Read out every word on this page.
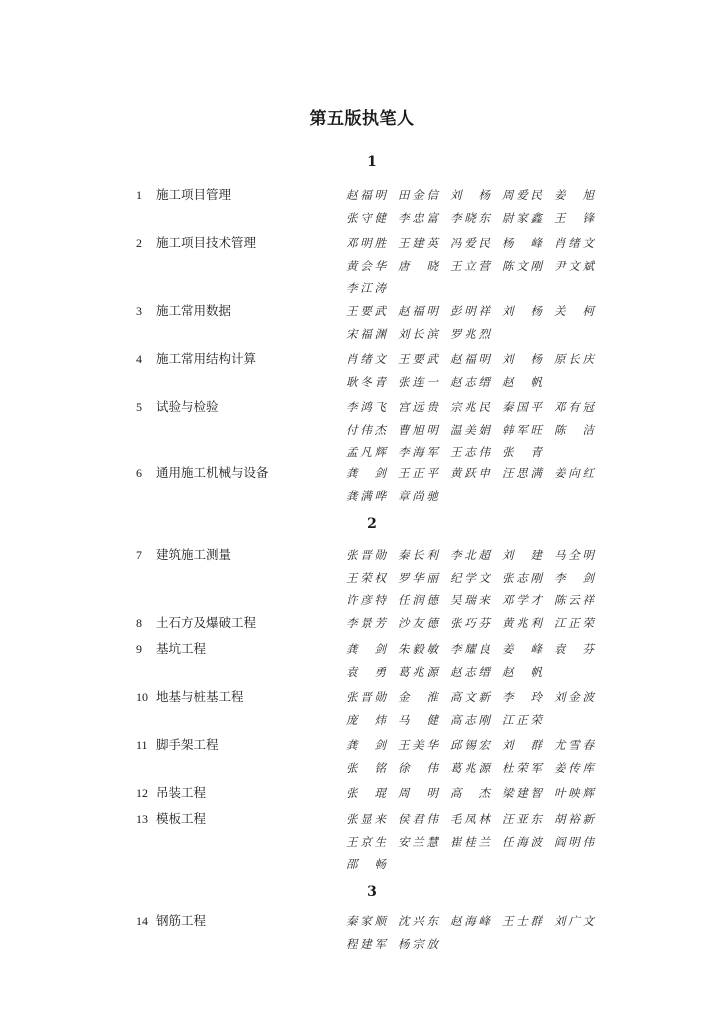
第五版执笔人
1
1 施工项目管理	赵福明 田金信 刘　杨 周爱民 姜　旭
张守健 李忠富 李晓东 尉家鑫 王　锋
2 施工项目技术管理	邓明胜 王建英 冯爱民 杨　峰 肖绪文
黄会华 唐　晓 王立营 陈文刚 尹文斌
李江涛
3 施工常用数据	王要武 赵福明 彭明祥 刘　杨 关　柯
宋福渊 刘长滨 罗兆烈
4 施工常用结构计算	肖绪文 王要武 赵福明 刘　杨 原长庆
耿冬青 张连一 赵志缙 赵　帆
5 试验与检验	李鸿飞 宫远贵 宗兆民 秦国平 邓有冠
付伟杰 曹旭明 温美娟 韩军旺 陈　洁
孟凡辉 李海军 王志伟 张　青
6 通用施工机械与设备	龚　剑 王正平 黄跃申 汪思满 姜向红
龚满哗 章尚驰
2
7 建筑施工测量	张晋勋 秦长利 李北超 刘　建 马全明
王荣权 罗华丽 纪学文 张志刚 李　剑
许彦特 任润德 吴瑞来 邓学才 陈云祥
8 土石方及爆破工程	李景芳 沙友德 张巧芬 黄兆利 江正荣
9 基坑工程	龚　剑 朱毅敏 李耀良 姜　峰 袁　芬
袁　勇 葛兆源 赵志缙 赵　帆
10 地基与桩基工程	张晋勋 金　淮 高文新 李　玲 刘金波
庞　炜 马　健 高志刚 江正荣
11 脚手架工程	龚　剑 王美华 邱锡宏 刘　群 尤雪春
张　铭 徐　伟 葛兆源 杜荣军 姜传库
12 吊装工程	张　琨 周　明 高　杰 梁建智 叶映辉
13 模板工程	张显来 侯君伟 毛凤林 汪亚东 胡裕新
王京生 安兰慧 崔桂兰 任海波 阎明伟
邵　畅
3
14 钢筋工程	秦家顺 沈兴东 赵海峰 王士群 刘广文
程建军 杨宗放
